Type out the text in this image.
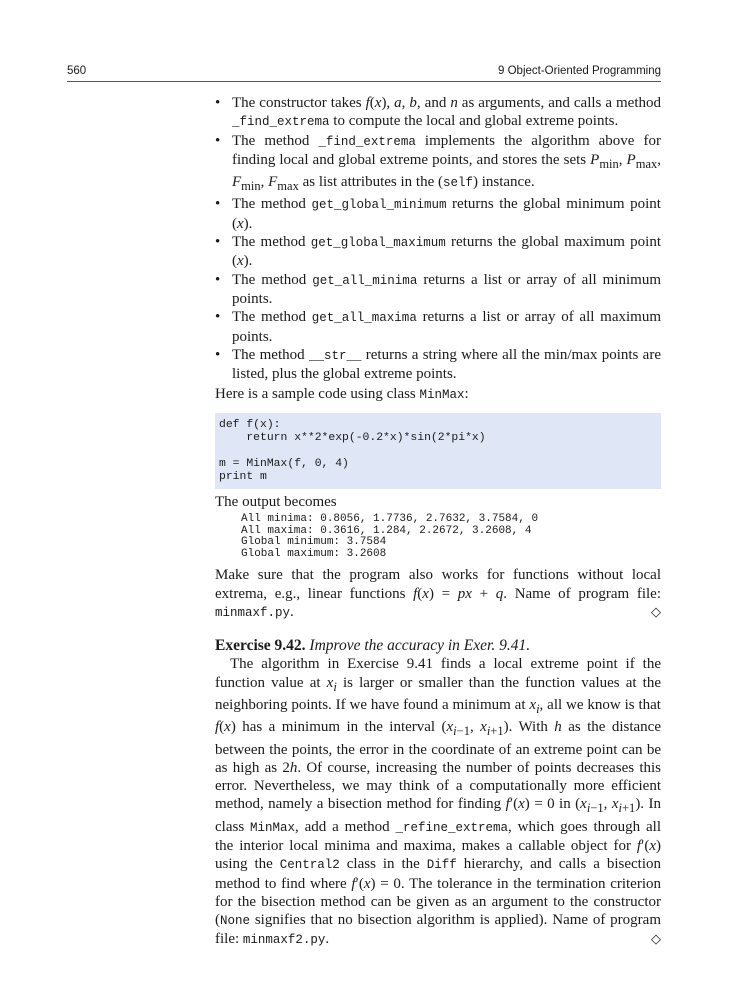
560	9 Object-Oriented Programming
• The constructor takes f(x), a, b, and n as arguments, and calls a method _find_extrema to compute the local and global extreme points.
• The method _find_extrema implements the algorithm above for finding local and global extreme points, and stores the sets $P_{min}$, $P_{max}$, $F_{min}$, $F_{max}$ as list attributes in the (self) instance.
• The method get_global_minimum returns the global minimum point (x).
• The method get_global_maximum returns the global maximum point (x).
• The method get_all_minima returns a list or array of all minimum points.
• The method get_all_maxima returns a list or array of all maximum points.
• The method __str__ returns a string where all the min/max points are listed, plus the global extreme points.

Here is a sample code using class MinMax:

def f(x):
return x**2*exp(-0.2*x)*sin(2*pi*x)

m = MinMax(f, 0, 4)
print m

The output becomes

All minima: 0.8056, 1.7736, 2.7632, 3.7584, 0
All maxima: 0.3616, 1.284, 2.2672, 3.2608, 4
Global minimum: 3.7584
Global maximum: 3.2608

Make sure that the program also works for functions without local extrema, e.g., linear functions f(x) = px + q. Name of program file: minmaxf.py.	◇

Exercise 9.42. Improve the accuracy in Exer. 9.41.

The algorithm in Exercise 9.41 finds a local extreme point if the function value at $x_i$ is larger or smaller than the function values at the neighboring points. If we have found a minimum at $x_i$, all we know is that f(x) has a minimum in the interval ($x_{i-1}$, $x_{i+1}$). With h as the distance between the points, the error in the coordinate of an extreme point can be as high as 2h. Of course, increasing the number of points decreases this error. Nevertheless, we may think of a computationally more efficient method, namely a bisection method for finding f′(x) = 0 in ($x_{i-1}$, $x_{i+1}$). In class MinMax, add a method _refine_extrema, which goes through all the interior local minima and maxima, makes a callable object for f′(x) using the Central2 class in the Diff hierarchy, and calls a bisection method to find where f′(x) = 0. The tolerance in the termination criterion for the bisection method can be given as an argument to the constructor (None signifies that no bisection algorithm is applied). Name of program file: minmaxf2.py.	◇
